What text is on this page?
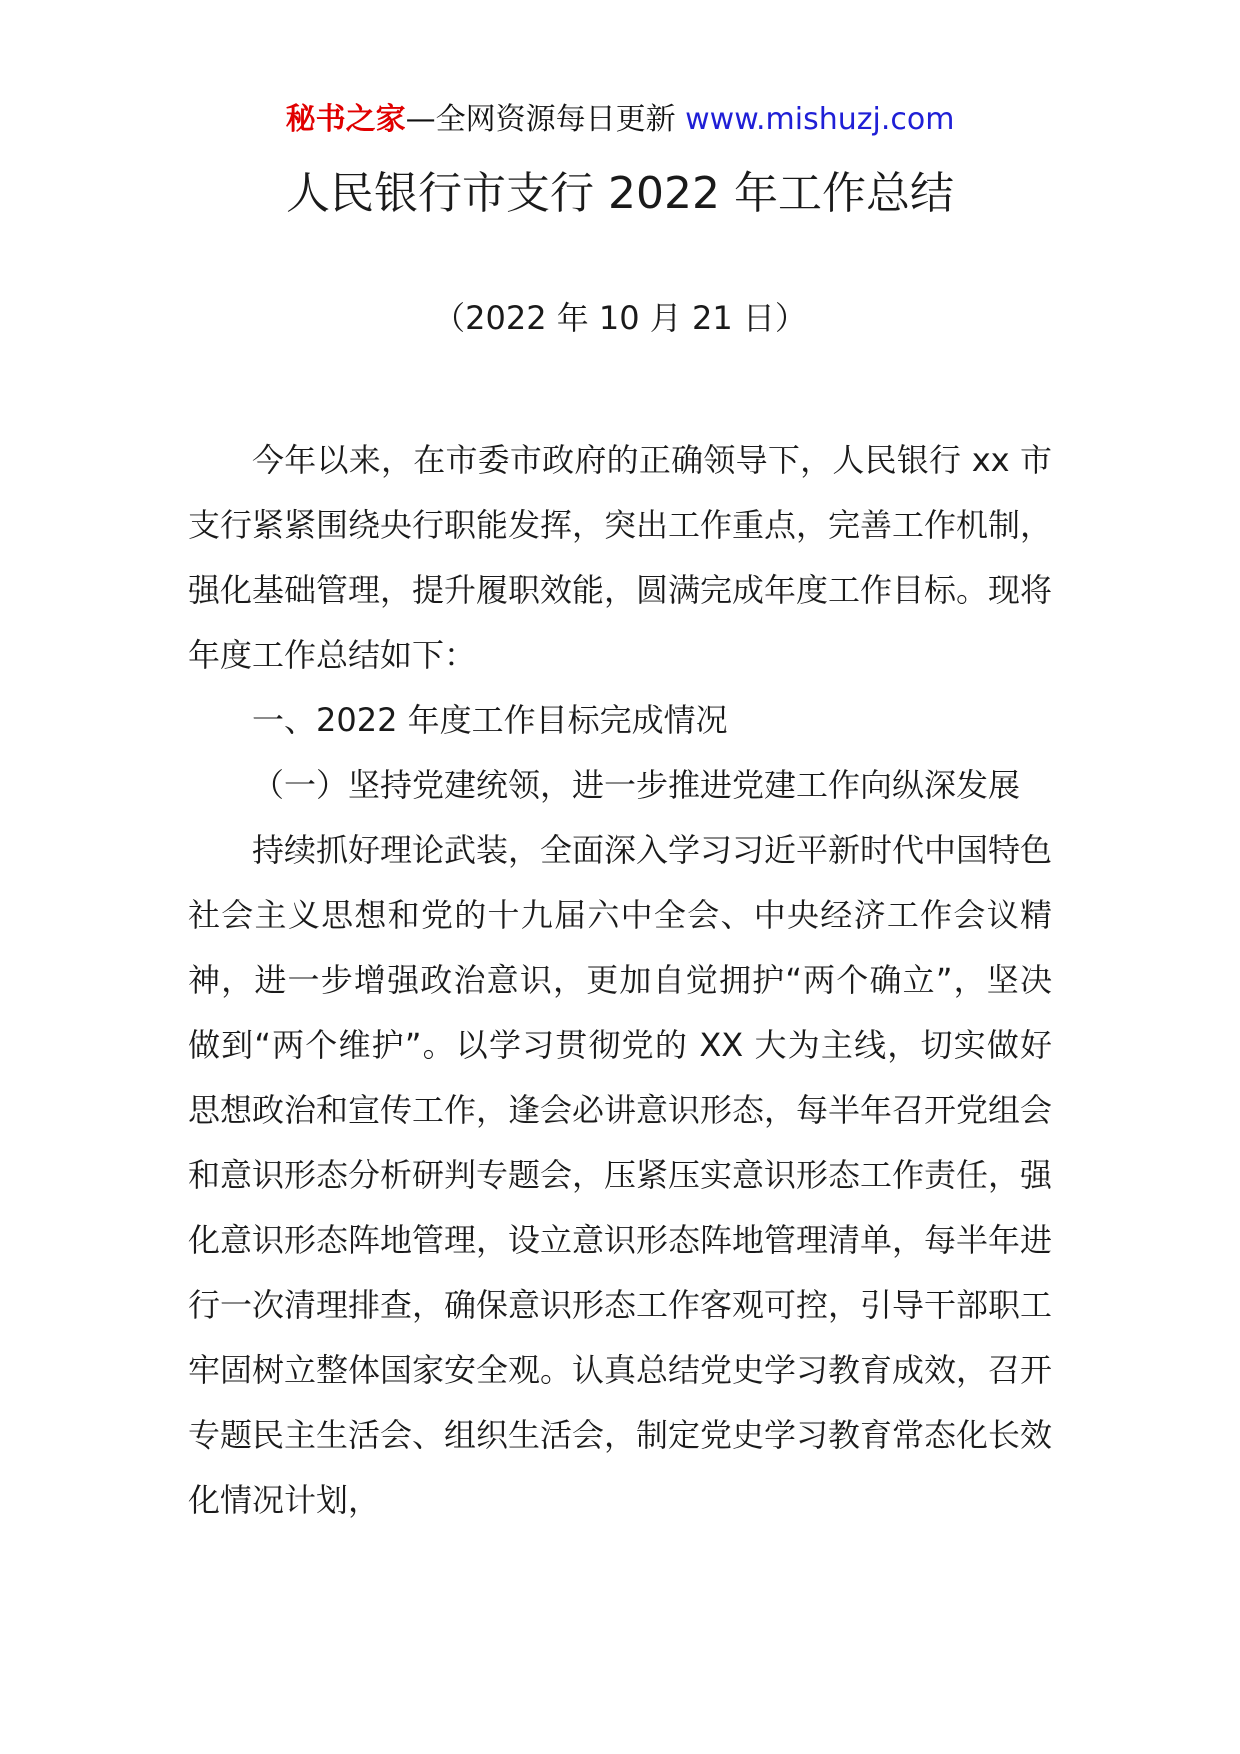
秘书之家—全网资源每日更新 www.mishuzj.com
人民银行市支行 2022 年工作总结
（2022 年 10 月 21 日）

今年以来，在市委市政府的正确领导下，人民银行 xx 市支行紧紧围绕央行职能发挥，突出工作重点，完善工作机制，强化基础管理，提升履职效能，圆满完成年度工作目标。现将年度工作总结如下：

一、2022 年度工作目标完成情况

（一）坚持党建统领，进一步推进党建工作向纵深发展

持续抓好理论武装，全面深入学习习近平新时代中国特色社会主义思想和党的十九届六中全会、中央经济工作会议精神，进一步增强政治意识，更加自觉拥护“两个确立”，坚决做到“两个维护”。以学习贯彻党的 XX 大为主线，切实做好思想政治和宣传工作，逢会必讲意识形态，每半年召开党组会和意识形态分析研判专题会，压紧压实意识形态工作责任，强化意识形态阵地管理，设立意识形态阵地管理清单，每半年进行一次清理排查，确保意识形态工作客观可控，引导干部职工牢固树立整体国家安全观。认真总结党史学习教育成效，召开专题民主生活会、组织生活会，制定党史学习教育常态化长效化情况计划，
